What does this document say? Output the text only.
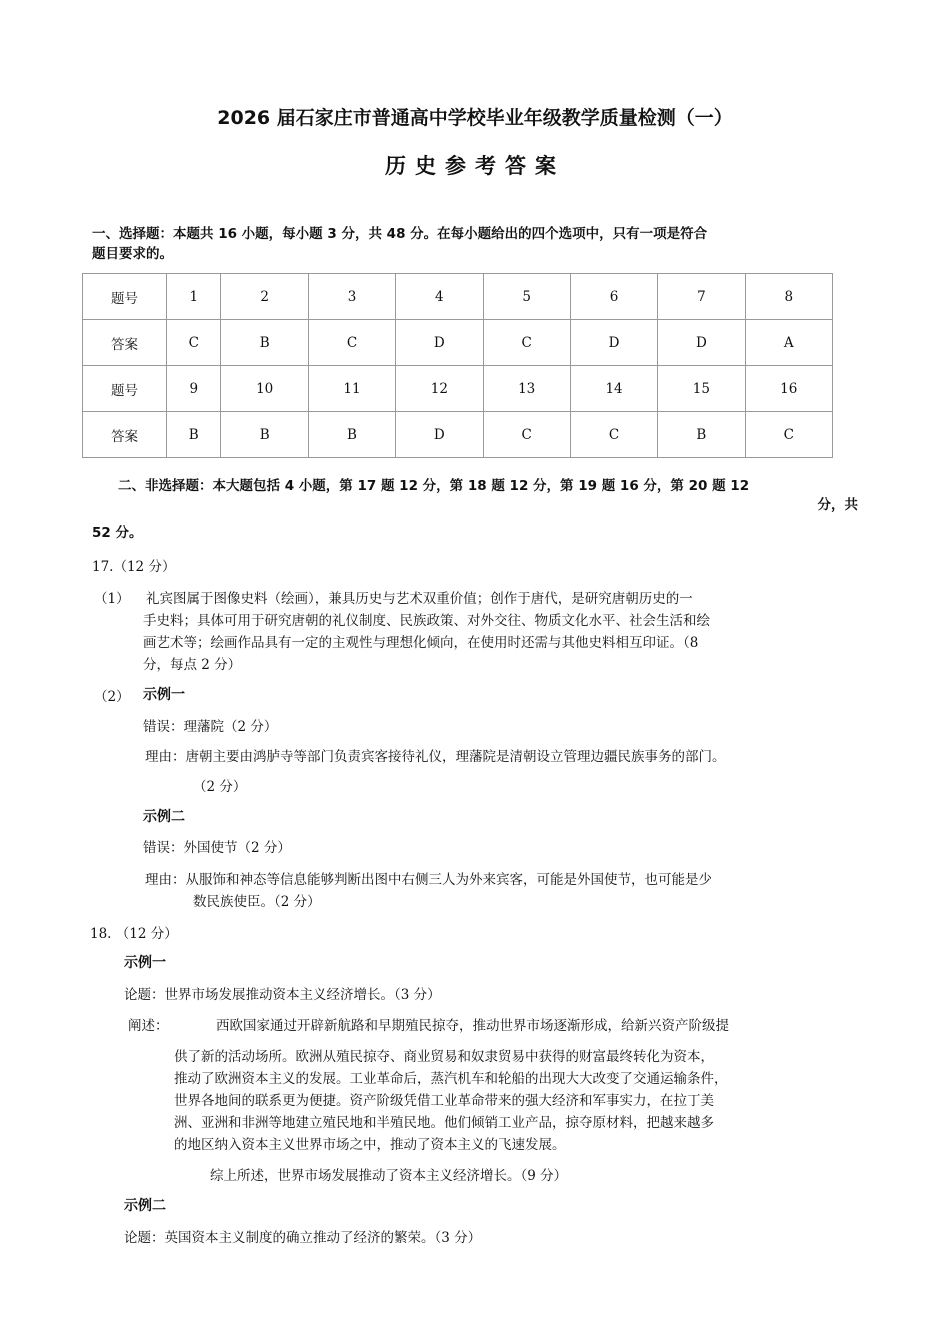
2026 届石家庄市普通高中学校毕业年级教学质量检测（一）
历史参考答案
一、选择题：本题共 16 小题，每小题 3 分，共 48 分。在每小题给出的四个选项中，只有一项是符合
题目要求的。
题号	1	2	3	4	5	6	7	8
答案	C	B	C	D	C	D	D	A
题号	9	10	11	12	13	14	15	16
答案	B	B	B	D	C	C	B	C
二、非选择题：本大题包括 4 小题，第 17 题 12 分，第 18 题 12 分，第 19 题 16 分，第 20 题 12
分，共
52 分。
17.（12 分）
（1） 礼宾图属于图像史料（绘画），兼具历史与艺术双重价值；创作于唐代，是研究唐朝历史的一
手史料；具体可用于研究唐朝的礼仪制度、民族政策、对外交往、物质文化水平、社会生活和绘
画艺术等；绘画作品具有一定的主观性与理想化倾向，在使用时还需与其他史料相互印证。（8
分，每点 2 分）
（2） 示例一
错误：理藩院（2 分）
理由：唐朝主要由鸿胪寺等部门负责宾客接待礼仪，理藩院是清朝设立管理边疆民族事务的部门。
（2 分）
示例二
错误：外国使节（2 分）
理由：从服饰和神态等信息能够判断出图中右侧三人为外来宾客，可能是外国使节，也可能是少
数民族使臣。（2 分）
18. （12 分）
示例一
论题：世界市场发展推动资本主义经济增长。（3 分）
阐述：	西欧国家通过开辟新航路和早期殖民掠夺，推动世界市场逐渐形成，给新兴资产阶级提
供了新的活动场所。欧洲从殖民掠夺、商业贸易和奴隶贸易中获得的财富最终转化为资本，
推动了欧洲资本主义的发展。工业革命后，蒸汽机车和轮船的出现大大改变了交通运输条件，
世界各地间的联系更为便捷。资产阶级凭借工业革命带来的强大经济和军事实力，在拉丁美
洲、亚洲和非洲等地建立殖民地和半殖民地。他们倾销工业产品，掠夺原材料，把越来越多
的地区纳入资本主义世界市场之中，推动了资本主义的飞速发展。
综上所述，世界市场发展推动了资本主义经济增长。（9 分）
示例二
论题：英国资本主义制度的确立推动了经济的繁荣。（3 分）
